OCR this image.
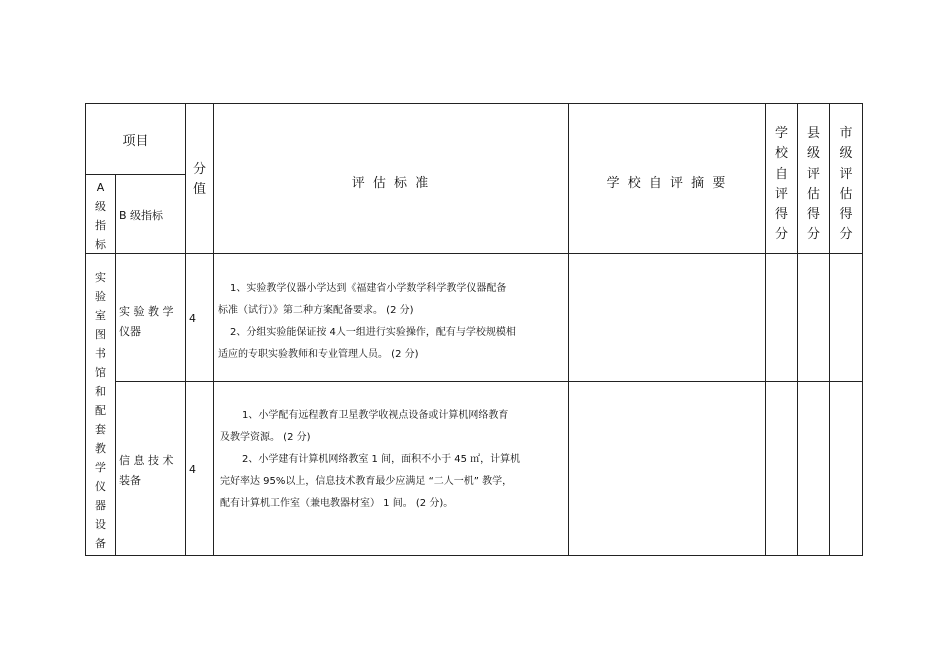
项目
A
级
指
标
B 级指标
分
值	评 估 标 准	学 校 自 评 摘 要
学
校
自
评
得
分
县
级
评
估
得
分
市
级
评
估
得
分
实
验
室
图
书
馆
和
配
套
教
学
仪
器
设
备
实 验 教 学
仪器
4

1、实验教学仪器小学达到《福建省小学数学科学教学仪器配备

标准（试行）》第二种方案配备要求。 (2 分)

2、分组实验能保证按 4人一组进行实验操作，配有与学校规模相

适应的专职实验教师和专业管理人员。 (2 分)

信 息 技 术
装备
4

1、小学配有远程教育卫星教学收视点设备或计算机网络教育

及教学资源。 (2 分)

2、小学建有计算机网络教室 1 间，面积不小于 45 ㎡，计算机

完好率达 95%以上，信息技术教育最少应满足 “二人一机” 教学，

配有计算机工作室（兼电教器材室） 1 间。 (2 分)。
